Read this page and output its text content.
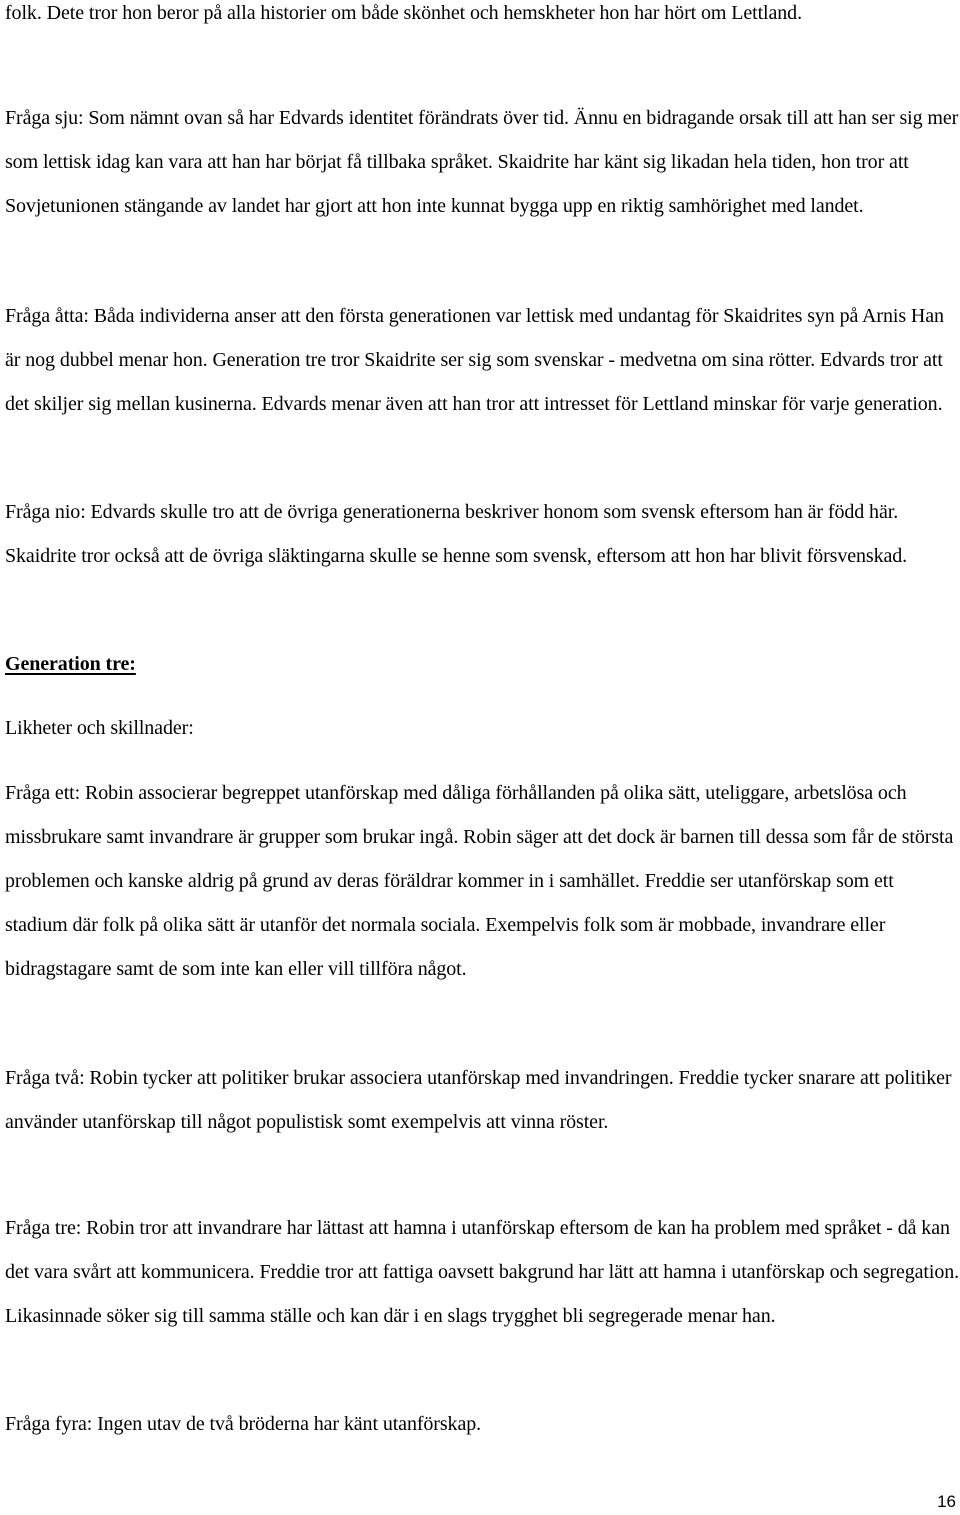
folk. Dete tror hon beror på alla historier om både skönhet och hemskheter hon har hört om Lettland.

Fråga sju: Som nämnt ovan så har Edvards identitet förändrats över tid. Ännu en bidragande orsak till att han ser sig mer som lettisk idag kan vara att han har börjat få tillbaka språket. Skaidrite har känt sig likadan hela tiden, hon tror att Sovjetunionen stängande av landet har gjort att hon inte kunnat bygga upp en riktig samhörighet med landet.

Fråga åtta: Båda individerna anser att den första generationen var lettisk med undantag för Skaidrites syn på Arnis Han är nog dubbel menar hon. Generation tre tror Skaidrite ser sig som svenskar - medvetna om sina rötter. Edvards tror att det skiljer sig mellan kusinerna. Edvards menar även att han tror att intresset för Lettland minskar för varje generation.

Fråga nio: Edvards skulle tro att de övriga generationerna beskriver honom som svensk eftersom han är född här. Skaidrite tror också att de övriga släktingarna skulle se henne som svensk, eftersom att hon har blivit försvenskad.

Generation tre:

Likheter och skillnader:

Fråga ett: Robin associerar begreppet utanförskap med dåliga förhållanden på olika sätt, uteliggare, arbetslösa och missbrukare samt invandrare är grupper som brukar ingå. Robin säger att det dock är barnen till dessa som får de största problemen och kanske aldrig på grund av deras föräldrar kommer in i samhället. Freddie ser utanförskap som ett stadium där folk på olika sätt är utanför det normala sociala. Exempelvis folk som är mobbade, invandrare eller bidragstagare samt de som inte kan eller vill tillföra något.

Fråga två: Robin tycker att politiker brukar associera utanförskap med invandringen. Freddie tycker snarare att politiker använder utanförskap till något populistisk somt exempelvis att vinna röster.

Fråga tre: Robin tror att invandrare har lättast att hamna i utanförskap eftersom de kan ha problem med språket - då kan det vara svårt att kommunicera. Freddie tror att fattiga oavsett bakgrund har lätt att hamna i utanförskap och segregation. Likasinnade söker sig till samma ställe och kan där i en slags trygghet bli segregerade menar han.

Fråga fyra: Ingen utav de två bröderna har känt utanförskap.

16
